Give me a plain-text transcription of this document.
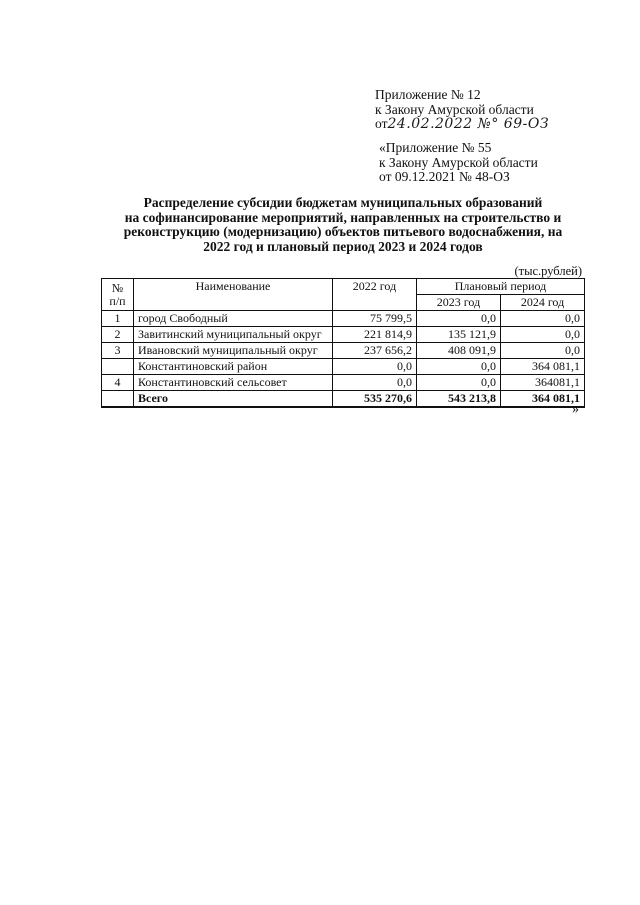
Приложение № 12
к Закону Амурской области
от24.02.2022 №° 69-ОЗ
«Приложение № 55
к Закону Амурской области
от 09.12.2021 № 48-ОЗ
Распределение субсидии бюджетам муниципальных образований
на софинансирование мероприятий, направленных на строительство и
реконструкцию (модернизацию) объектов питьевого водоснабжения, на
2022 год и плановый период 2023 и 2024 годов
(тыс.рублей)
№
п/п	Наименование	2022 год	Плановый период	
			2023 год	2024 год
1	город Свободный	75 799,5	0,0	0,0
2	Завитинский муниципальный округ	221 814,9	135 121,9	0,0
3	Ивановский муниципальный округ	237 656,2	408 091,9	0,0
	Константиновский район	0,0	0,0	364 081,1
4	Константиновский сельсовет	0,0	0,0	364081,1
	Всего	535 270,6	543 213,8	364 081,1
»
